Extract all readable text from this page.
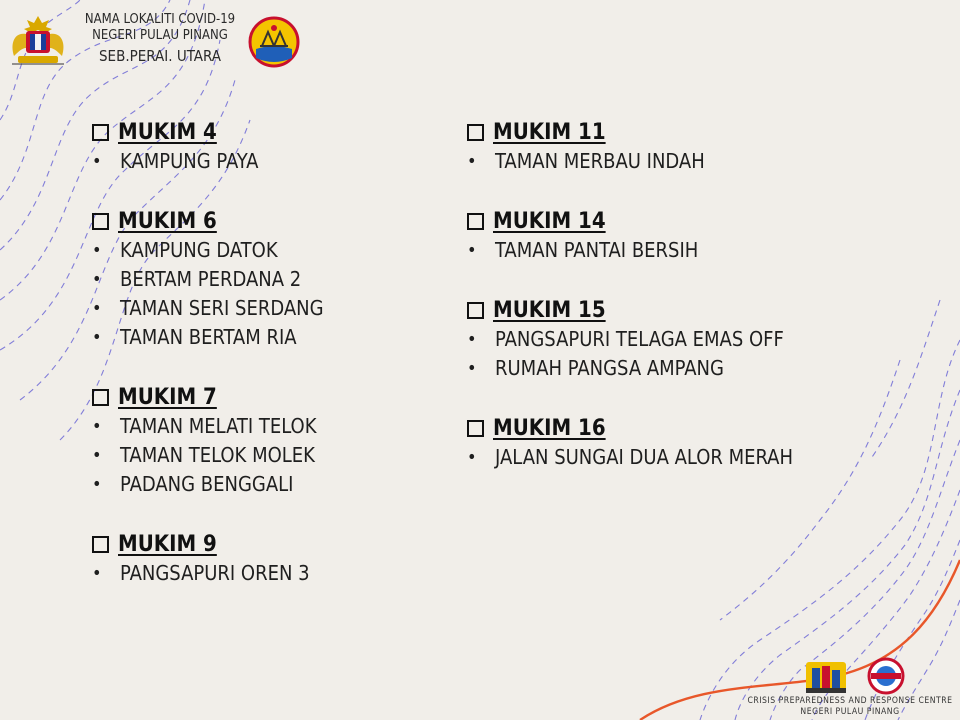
NAMA LOKALITI COVID-19
NEGERI PULAU PINANG
SEB.PERAI. UTARA
MUKIM 4
• KAMPUNG PAYA
MUKIM 6
• KAMPUNG DATOK
• BERTAM PERDANA 2
• TAMAN SERI SERDANG
• TAMAN BERTAM RIA
MUKIM 7
• TAMAN MELATI TELOK
• TAMAN TELOK MOLEK
• PADANG BENGGALI
MUKIM 9
• PANGSAPURI OREN 3
MUKIM 11
• TAMAN MERBAU INDAH
MUKIM 14
• TAMAN PANTAI BERSIH
MUKIM 15
• PANGSAPURI TELAGA EMAS OFF
• RUMAH PANGSA AMPANG
MUKIM 16
• JALAN SUNGAI DUA ALOR MERAH
CRISIS PREPAREDNESS AND RESPONSE CENTRE
NEGERI PULAU PINANG
